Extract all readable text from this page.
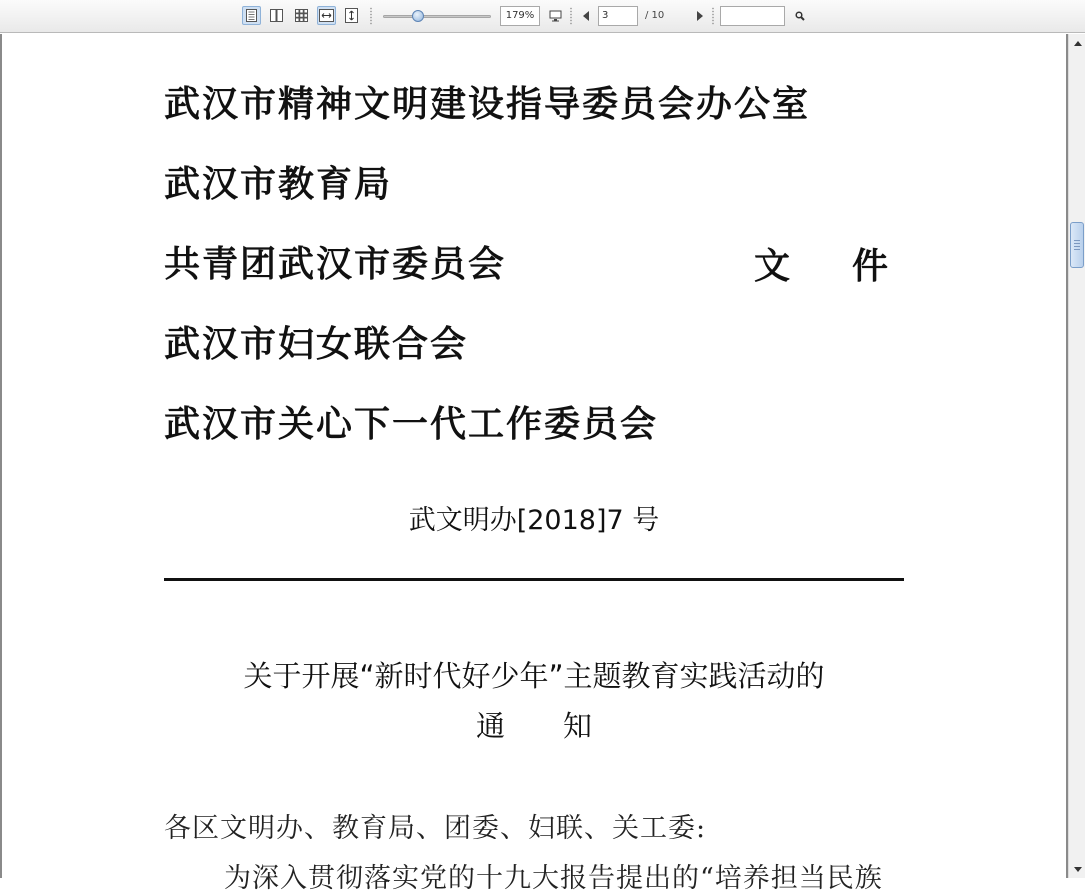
179%	3	/ 10
武汉市精神文明建设指导委员会办公室
武汉市教育局
共青团武汉市委员会
武汉市妇女联合会
武汉市关心下一代工作委员会
文 件
武文明办[2018]7 号
关于开展“新时代好少年”主题教育实践活动的
通　　知
各区文明办、教育局、团委、妇联、关工委:
为深入贯彻落实党的十九大报告提出的“培养担当民族
